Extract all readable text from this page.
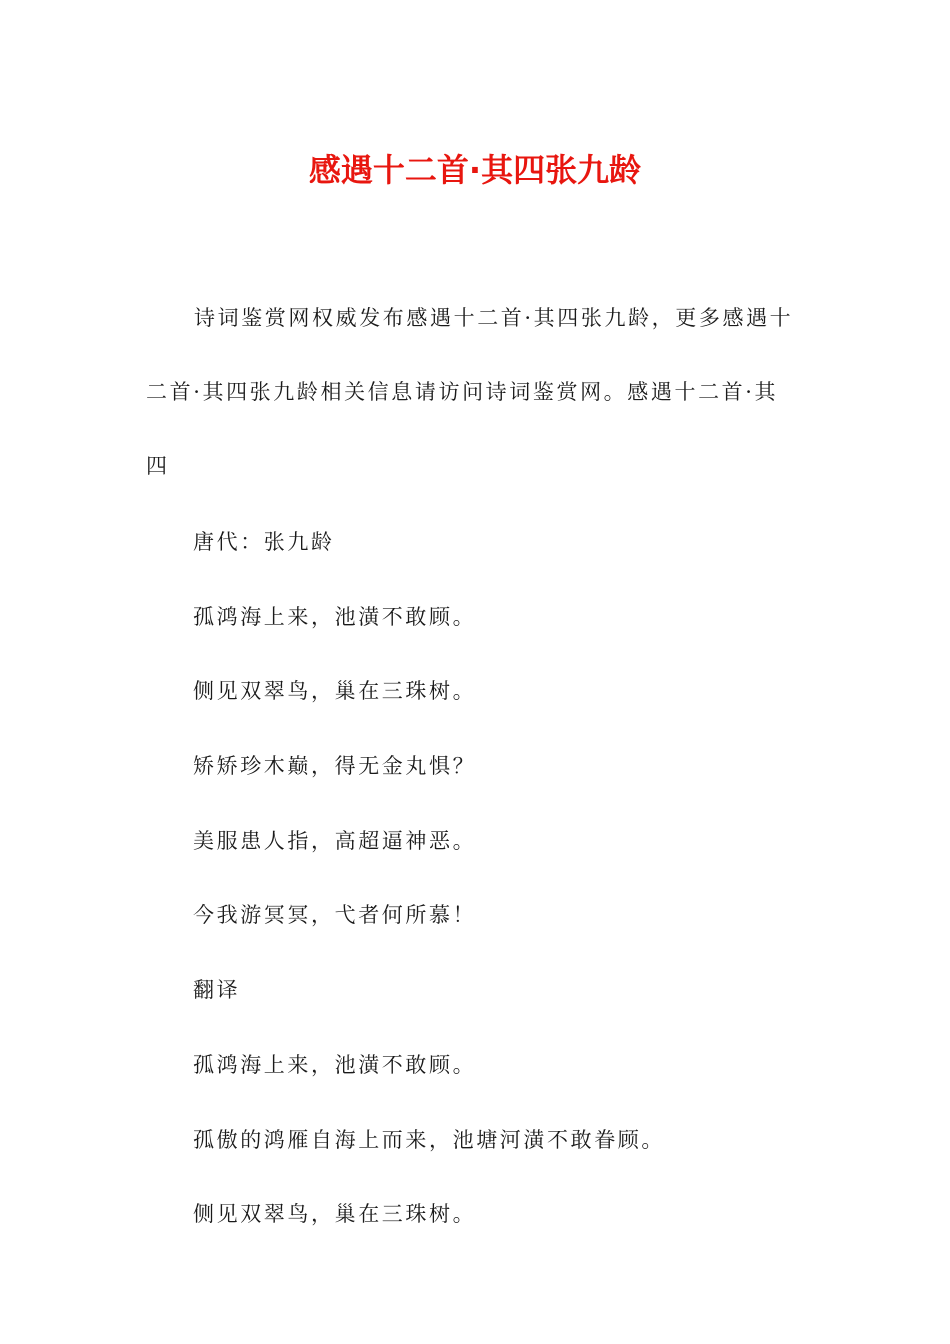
感遇十二首·其四张九龄

诗词鉴赏网权威发布感遇十二首·其四张九龄，更多感遇十二首·其四张九龄相关信息请访问诗词鉴赏网。感遇十二首·其四

唐代：张九龄
孤鸿海上来，池潢不敢顾。
侧见双翠鸟，巢在三珠树。
矫矫珍木巅，得无金丸惧？
美服患人指，高超逼神恶。
今我游冥冥，弋者何所慕！
翻译
孤鸿海上来，池潢不敢顾。
孤傲的鸿雁自海上而来，池塘河潢不敢眷顾。
侧见双翠鸟，巢在三珠树。
